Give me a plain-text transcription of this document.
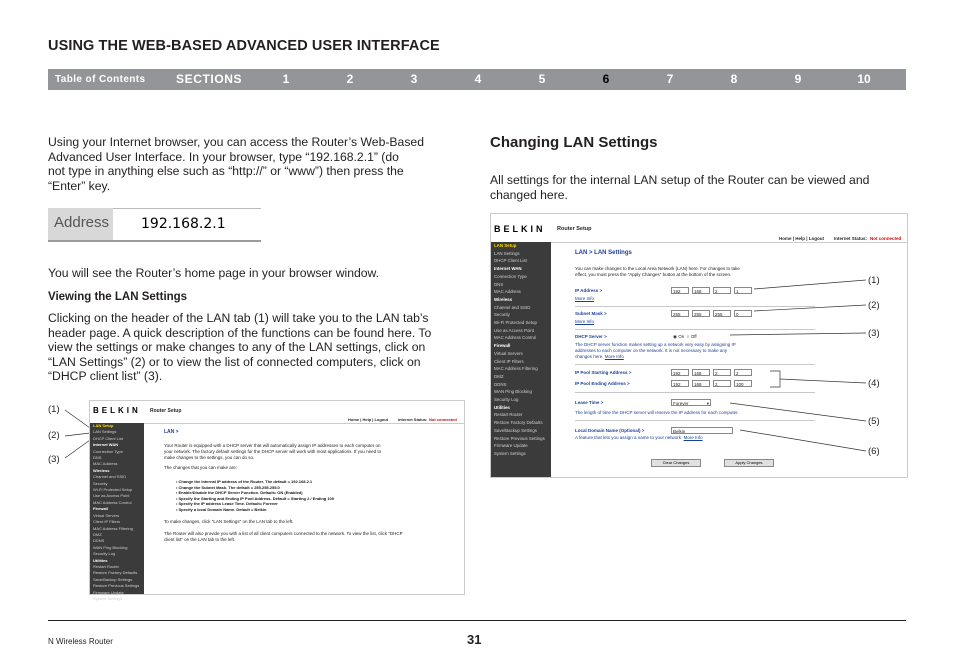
USING THE WEB-BASED ADVANCED USER INTERFACE
Table of Contents	SECTIONS	1	2	3	4	5	6	7	8	9	10
Using your Internet browser, you can access the Router’s Web-Based
Advanced User Interface. In your browser, type “192.168.2.1” (do
not type in anything else such as “http://” or “www”) then press the
“Enter” key.
Address	192.168.2.1
You will see the Router’s home page in your browser window.
Viewing the LAN Settings
Clicking on the header of the LAN tab (1) will take you to the LAN tab’s
header page. A quick description of the functions can be found here. To
view the settings or make changes to any of the LAN settings, click on
“LAN Settings” (2) or to view the list of connected computers, click on
“DHCP client list” (3).
(1)
(2)
(3)
BELKIN Router Setup
Home | Help | Logout Internet Status: Not connected
LAN Setup
LAN Settings
DHCP Client List
Internet WAN
Connection Type
DNS
MAC Address
Wireless
Channel and SSID
Security
Wi-Fi Protected Setup
Use as Access Point
MAC Address Control
Firewall
Virtual Servers
Client IP Filters
MAC Address Filtering
DMZ
DDNS
WAN Ping Blocking
Security Log
Utilities
Restart Router
Restore Factory Defaults
Save/Backup Settings
Restore Previous Settings
Firmware Update
System Settings
LAN >
Your Router is equipped with a DHCP server that will automatically assign IP addresses to each computer on
your network. The factory default settings for the DHCP server will work with most applications. If you need to
make changes to the settings, you can do so.
The changes that you can make are:
• Change the Internal IP address of the Router. The default = 192.168.2.1
• Change the Subnet Mask. The default = 255.255.255.0
• Enable/Disable the DHCP Server Function. Default= ON (Enabled)
• Specify the Starting and Ending IP Pool Address. Default = Starting 2 / Ending 100
• Specify the IP address Lease Time. Default= Forever
• Specify a local Domain Name. Default = Belkin
To make changes, click "LAN Settings" on the LAN tab to the left.
The Router will also provide you with a list of all client computers connected to the network. To view the list, click "DHCP
client list" on the LAN tab to the left.
Changing LAN Settings
All settings for the internal LAN setup of the Router can be viewed and
changed here.
BELKIN Router Setup
Home | Help | Logout Internet Status: Not connected
LAN Setup
LAN Settings
DHCP Client List
Internet WAN
Connection Type
DNS
MAC Address
Wireless
Channel and SSID
Security
Wi-Fi Protected Setup
Use as Access Point
MAC Address Control
Firewall
Virtual Servers
Client IP Filters
MAC Address Filtering
DMZ
DDNS
WAN Ping Blocking
Security Log
Utilities
Restart Router
Restore Factory Defaults
Save/Backup Settings
Restore Previous Settings
Firmware Update
System Settings
LAN > LAN Settings
You can make changes to the Local Area Network (LAN) here. For changes to take
effect, you must press the "Apply Changes" button at the bottom of the screen.
IP Address >	192	168	2	1
More Info
Subnet Mask >	255	255	255	0
More Info
DHCP Server >	◉ On ○ Off
The DHCP server function makes setting up a network very easy by assigning IP
addresses to each computer on the network. It is not necessary to make any
changes here. More Info
IP Pool Starting Address >	192	168	2	2
IP Pool Ending Address >	192	168	2	100
Lease Time >	Forever	▾
The length of time the DHCP server will reserve the IP address for each computer.
Local Domain Name (Optional) >	Belkin
A feature that lets you assign a name to your network. More Info
Clear Changes	Apply Changes
(1)
(2)
(3)
(4)
(5)
(6)
N Wireless Router	31
